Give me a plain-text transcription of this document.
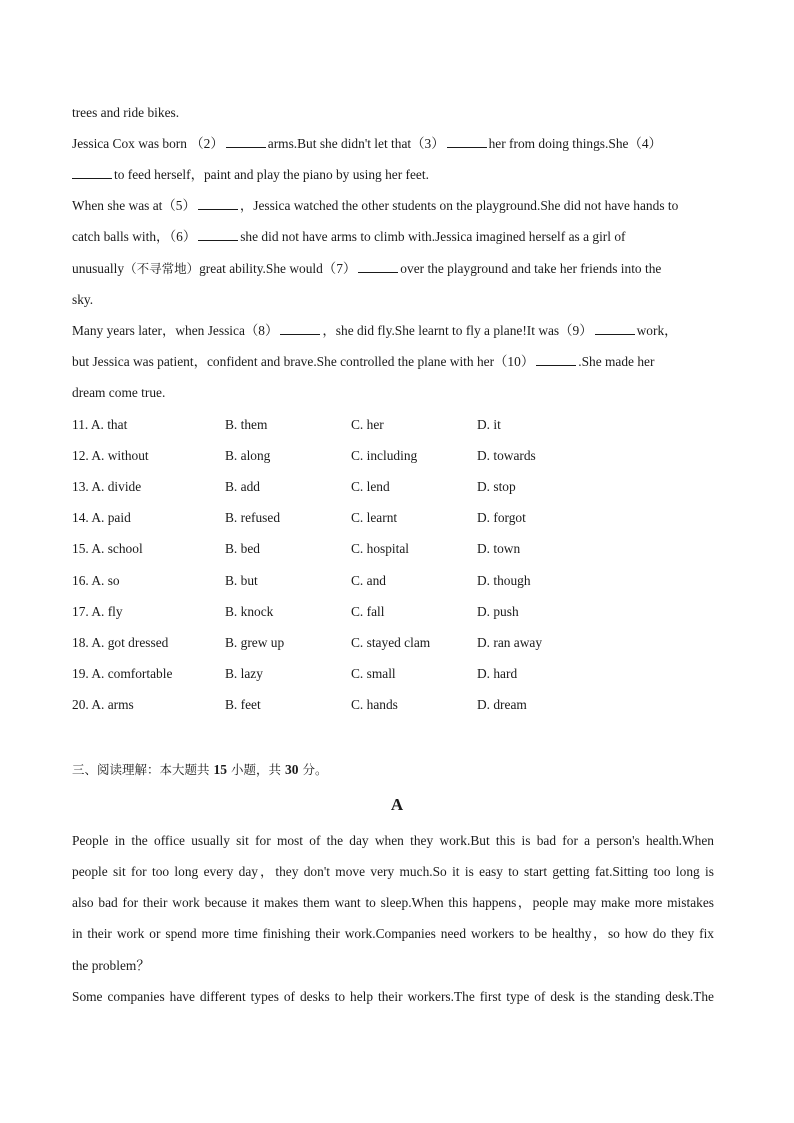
trees and ride bikes.
Jessica Cox was born （2）	arms.But she didn't let that（3）	her from doing things.She（4）
to feed herself，paint and play the piano by using her feet.
When she was at（5）	，Jessica watched the other students on the playground.She did not have hands to
catch balls with，（6）	she did not have arms to climb with.Jessica imagined herself as a girl of
unusually（不寻常地）great ability.She would（7）	over the playground and take her friends into the
sky.
Many years later，when Jessica（8）	，she did fly.She learnt to fly a plane!It was（9）	work，
but Jessica was patient，confident and brave.She controlled the plane with her（10）	.She made her
dream come true.
11. A. that	B. them	C. her	D. it
12. A. without	B. along	C. including	D. towards
13. A. divide	B. add	C. lend	D. stop
14. A. paid	B. refused	C. learnt	D. forgot
15. A. school	B. bed	C. hospital	D. town
16. A. so	B. but	C. and	D. though
17. A. fly	B. knock	C. fall	D. push
18. A. got dressed	B. grew up	C. stayed clam	D. ran away
19. A. comfortable	B. lazy	C. small	D. hard
20. A. arms	B. feet	C. hands	D. dream
三、阅读理解：本大题共 15 小题，共 30 分。
A
People in the office usually sit for most of the day when they work.But this is bad for a person's health.When
people sit for too long every day，they don't move very much.So it is easy to start getting fat.Sitting too long is
also bad for their work because it makes them want to sleep.When this happens，people may make more mistakes
in their work or spend more time finishing their work.Companies need workers to be healthy，so how do they fix
the problem？
Some companies have different types of desks to help their workers.The first type of desk is the standing desk.The
